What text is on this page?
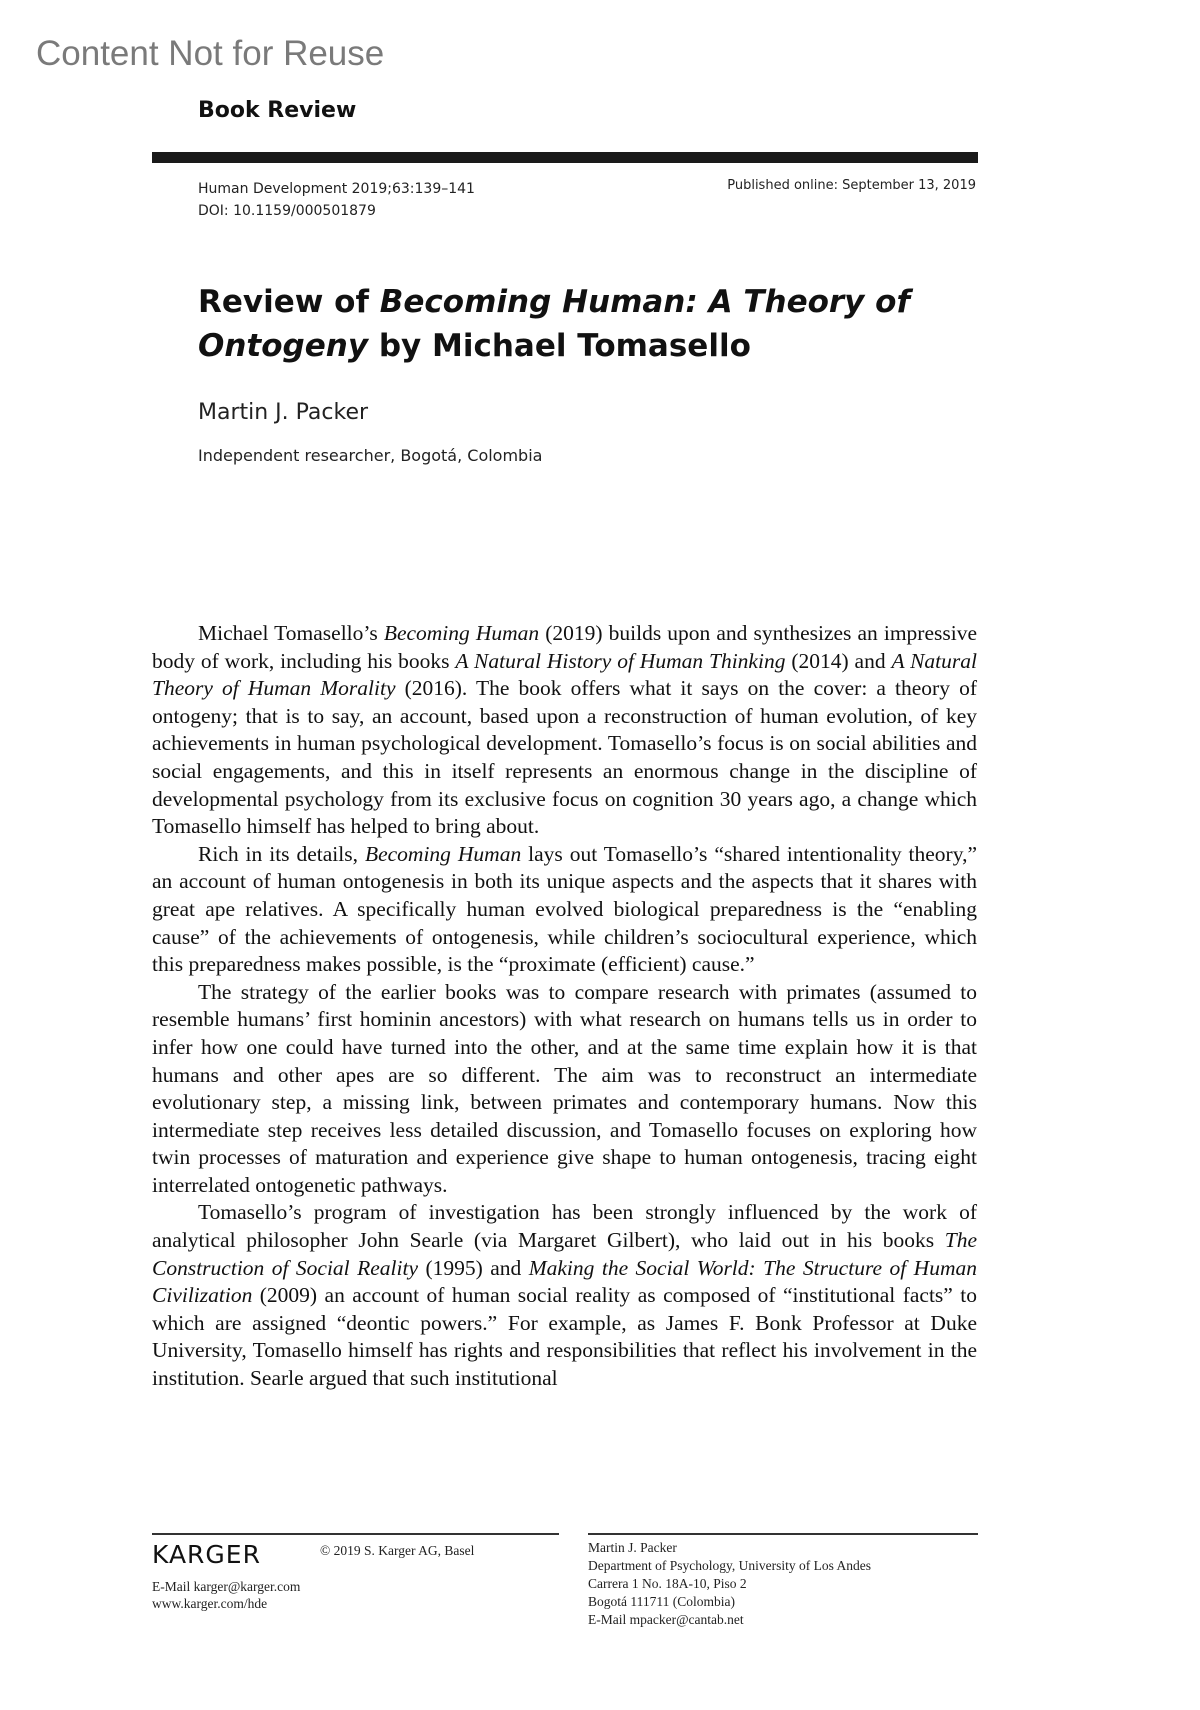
Content Not for Reuse
Book Review
Human Development 2019;63:139–141
DOI: 10.1159/000501879
Published online: September 13, 2019
Review of Becoming Human: A Theory of Ontogeny by Michael Tomasello
Martin J. Packer
Independent researcher, Bogotá, Colombia

Michael Tomasello’s Becoming Human (2019) builds upon and synthesizes an impressive body of work, including his books A Natural History of Human Thinking (2014) and A Natural Theory of Human Morality (2016). The book offers what it says on the cover: a theory of ontogeny; that is to say, an account, based upon a reconstruction of human evolution, of key achievements in human psychological development. Tomasello’s focus is on social abilities and social engagements, and this in itself represents an enormous change in the discipline of developmental psychology from its exclusive focus on cognition 30 years ago, a change which Tomasello himself has helped to bring about.

Rich in its details, Becoming Human lays out Tomasello’s “shared intentionality theory,” an account of human ontogenesis in both its unique aspects and the aspects that it shares with great ape relatives. A specifically human evolved biological preparedness is the “enabling cause” of the achievements of ontogenesis, while children’s sociocultural experience, which this preparedness makes possible, is the “proximate (efficient) cause.”

The strategy of the earlier books was to compare research with primates (assumed to resemble humans’ first hominin ancestors) with what research on humans tells us in order to infer how one could have turned into the other, and at the same time explain how it is that humans and other apes are so different. The aim was to reconstruct an intermediate evolutionary step, a missing link, between primates and contemporary humans. Now this intermediate step receives less detailed discussion, and Tomasello focuses on exploring how twin processes of maturation and experience give shape to human ontogenesis, tracing eight interrelated ontogenetic pathways.

Tomasello’s program of investigation has been strongly influenced by the work of analytical philosopher John Searle (via Margaret Gilbert), who laid out in his books The Construction of Social Reality (1995) and Making the Social World: The Structure of Human Civilization (2009) an account of human social reality as composed of “institutional facts” to which are assigned “deontic powers.” For example, as James F. Bonk Professor at Duke University, Tomasello himself has rights and responsibilities that reflect his involvement in the institution. Searle argued that such institutional

KARGER	© 2019 S. Karger AG, Basel
E-Mail karger@karger.com
www.karger.com/hde
Martin J. Packer
Department of Psychology, University of Los Andes
Carrera 1 No. 18A-10, Piso 2
Bogotá 111711 (Colombia)
E-Mail mpacker@cantab.net
